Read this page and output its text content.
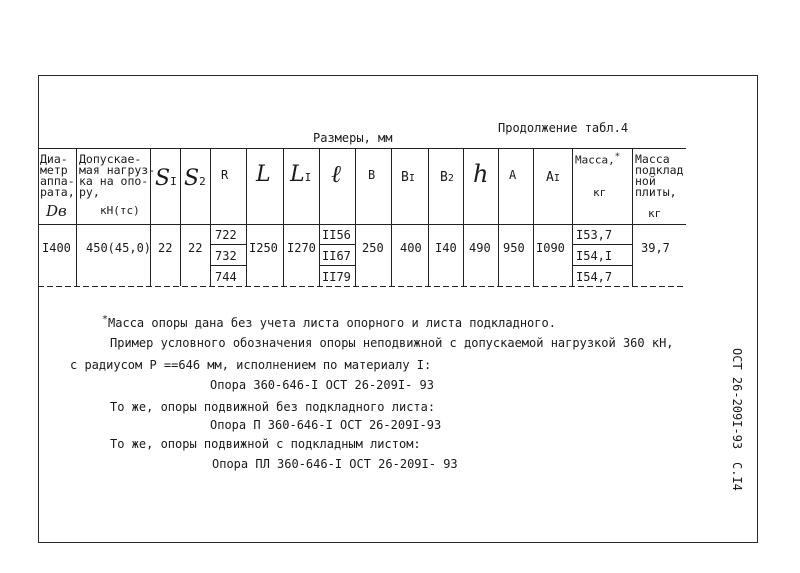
Продолжение табл.4
Размеры, мм
Диа-
метр
аппа-
рата,
Dв
Допускае-
мая нагруз-
ка на опо-
ру,
кН(тс)
SI S2 R L LI ℓ B BI B2 h A AI
Масса,*
кг
Масса
подклад
ной
плиты,
кг
I400 450(45,0) 22 22
722
732
744
I250 I270
II56
II67
II79
250 400 I40 490 950 I090
I53,7
I54,I
I54,7
39,7
*Масса опоры дана без учета листа опорного и листа подкладного.
Пример условного обозначения опоры неподвижной с допускаемой нагрузкой 360 кН,
с радиусом Р ==646 мм, исполнением по материалу I:
Опора 360-646-I ОСТ 26-209I- 93
То же, опоры подвижной без подкладного листа:
Опора П 360-646-I ОСТ 26-209I-93
То же, опоры подвижной с подкладным листом:
Опора ПЛ 360-646-I ОСТ 26-209I- 93
ОСТ 26-209I-93
С.I4
